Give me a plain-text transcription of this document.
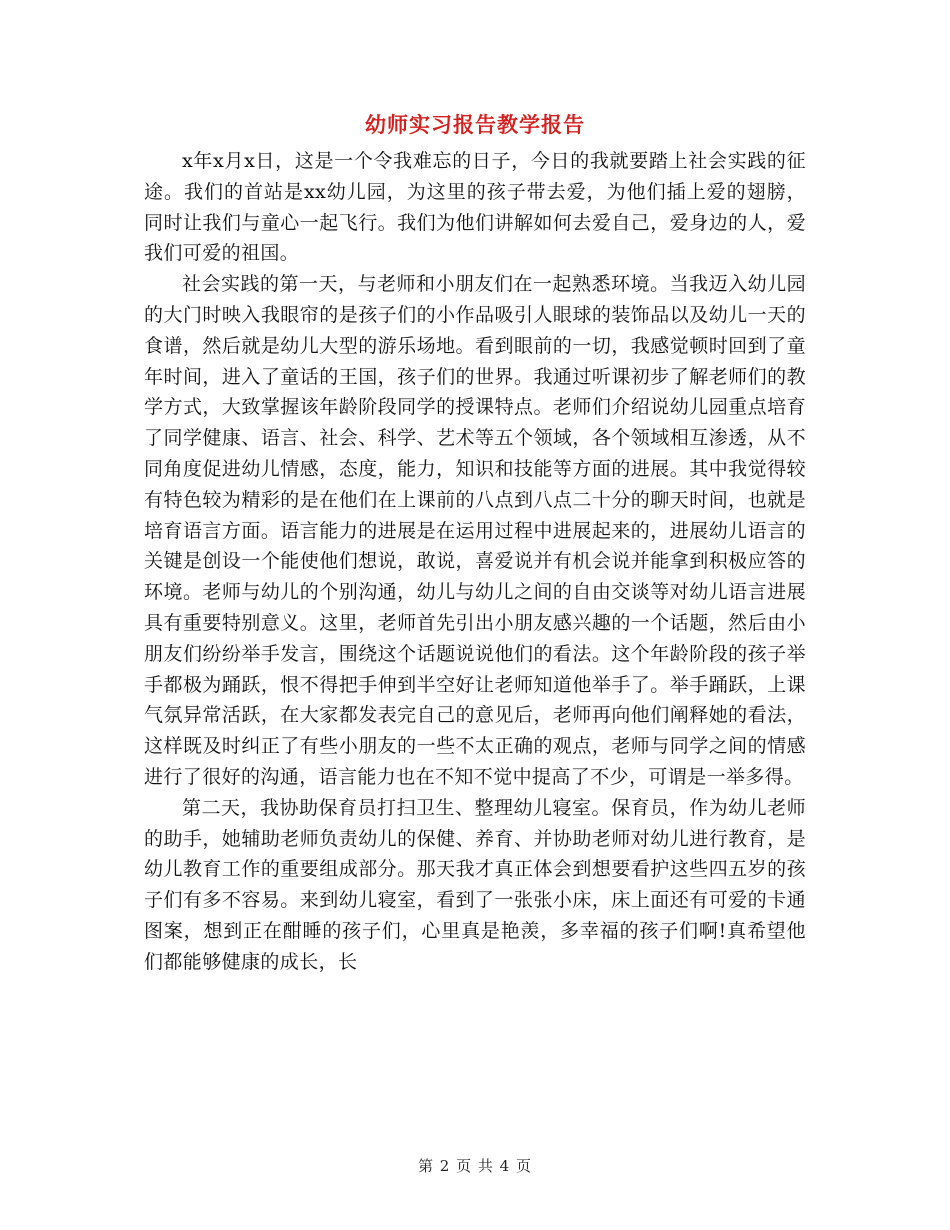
幼师实习报告教学报告

x年x月x日，这是一个令我难忘的日子，今日的我就要踏上社会实践的征途。我们的首站是xx幼儿园，为这里的孩子带去爱，为他们插上爱的翅膀，同时让我们与童心一起飞行。我们为他们讲解如何去爱自己，爱身边的人，爱我们可爱的祖国。

社会实践的第一天，与老师和小朋友们在一起熟悉环境。当我迈入幼儿园的大门时映入我眼帘的是孩子们的小作品吸引人眼球的装饰品以及幼儿一天的食谱，然后就是幼儿大型的游乐场地。看到眼前的一切，我感觉顿时回到了童年时间，进入了童话的王国，孩子们的世界。我通过听课初步了解老师们的教学方式，大致掌握该年龄阶段同学的授课特点。老师们介绍说幼儿园重点培育了同学健康、语言、社会、科学、艺术等五个领域，各个领域相互渗透，从不同角度促进幼儿情感，态度，能力，知识和技能等方面的进展。其中我觉得较有特色较为精彩的是在他们在上课前的八点到八点二十分的聊天时间，也就是培育语言方面。语言能力的进展是在运用过程中进展起来的，进展幼儿语言的关键是创设一个能使他们想说，敢说，喜爱说并有机会说并能拿到积极应答的环境。老师与幼儿的个别沟通，幼儿与幼儿之间的自由交谈等对幼儿语言进展具有重要特别意义。这里，老师首先引出小朋友感兴趣的一个话题，然后由小朋友们纷纷举手发言，围绕这个话题说说他们的看法。这个年龄阶段的孩子举手都极为踊跃，恨不得把手伸到半空好让老师知道他举手了。举手踊跃，上课气氛异常活跃，在大家都发表完自己的意见后，老师再向他们阐释她的看法，这样既及时纠正了有些小朋友的一些不太正确的观点，老师与同学之间的情感进行了很好的沟通，语言能力也在不知不觉中提高了不少，可谓是一举多得。

第二天，我协助保育员打扫卫生、整理幼儿寝室。保育员，作为幼儿老师的助手，她辅助老师负责幼儿的保健、养育、并协助老师对幼儿进行教育，是幼儿教育工作的重要组成部分。那天我才真正体会到想要看护这些四五岁的孩子们有多不容易。来到幼儿寝室，看到了一张张小床，床上面还有可爱的卡通图案，想到正在酣睡的孩子们，心里真是艳羡，多幸福的孩子们啊!真希望他们都能够健康的成长，长

第 2 页 共 4 页
